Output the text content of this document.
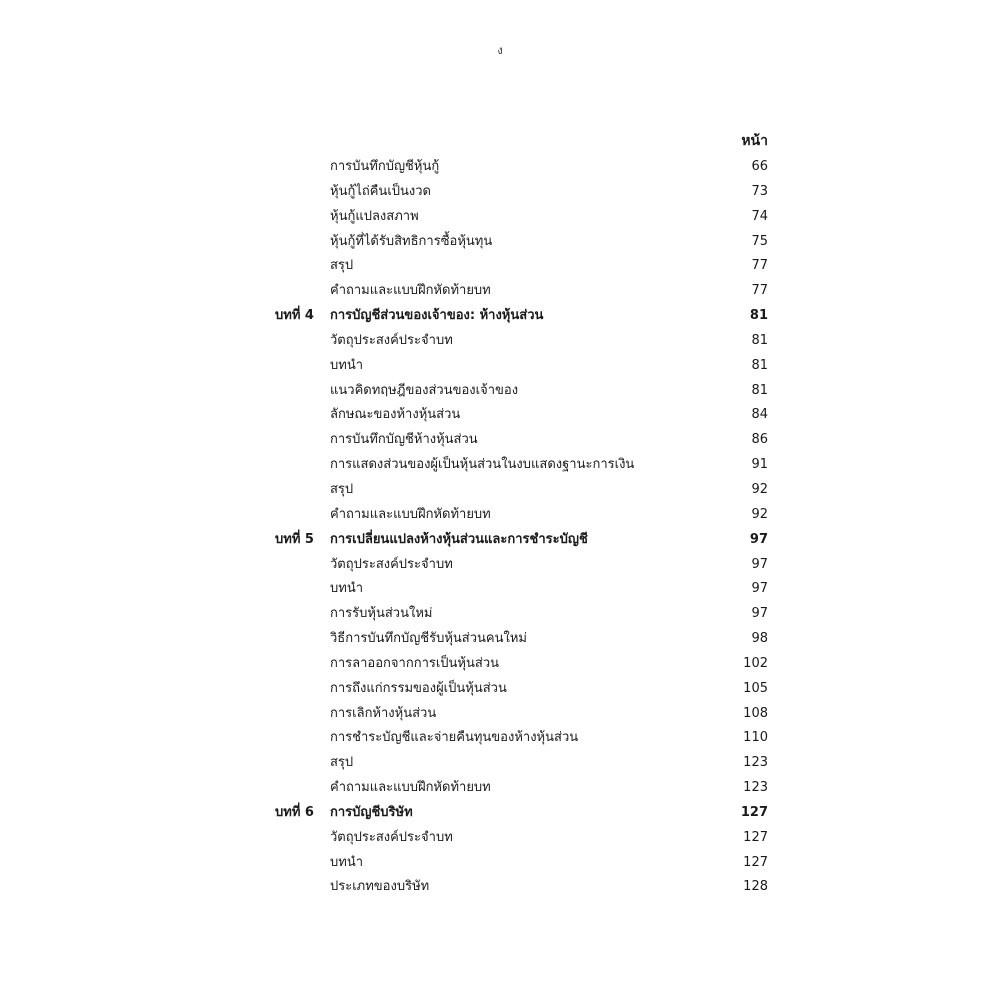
ง
หน้า
การบันทึกบัญชีหุ้นกู้	66
หุ้นกู้ไถ่คืนเป็นงวด	73
หุ้นกู้แปลงสภาพ	74
หุ้นกู้ที่ได้รับสิทธิการซื้อหุ้นทุน	75
สรุป	77
คำถามและแบบฝึกหัดท้ายบท	77
บทที่ 4 การบัญชีส่วนของเจ้าของ: ห้างหุ้นส่วน	81
วัตถุประสงค์ประจำบท	81
บทนำ	81
แนวคิดทฤษฎีของส่วนของเจ้าของ	81
ลักษณะของห้างหุ้นส่วน	84
การบันทึกบัญชีห้างหุ้นส่วน	86
การแสดงส่วนของผู้เป็นหุ้นส่วนในงบแสดงฐานะการเงิน	91
สรุป	92
คำถามและแบบฝึกหัดท้ายบท	92
บทที่ 5 การเปลี่ยนแปลงห้างหุ้นส่วนและการชำระบัญชี	97
วัตถุประสงค์ประจำบท	97
บทนำ	97
การรับหุ้นส่วนใหม่	97
วิธีการบันทึกบัญชีรับหุ้นส่วนคนใหม่	98
การลาออกจากการเป็นหุ้นส่วน	102
การถึงแก่กรรมของผู้เป็นหุ้นส่วน	105
การเลิกห้างหุ้นส่วน	108
การชำระบัญชีและจ่ายคืนทุนของห้างหุ้นส่วน	110
สรุป	123
คำถามและแบบฝึกหัดท้ายบท	123
บทที่ 6 การบัญชีบริษัท	127
วัตถุประสงค์ประจำบท	127
บทนำ	127
ประเภทของบริษัท	128
